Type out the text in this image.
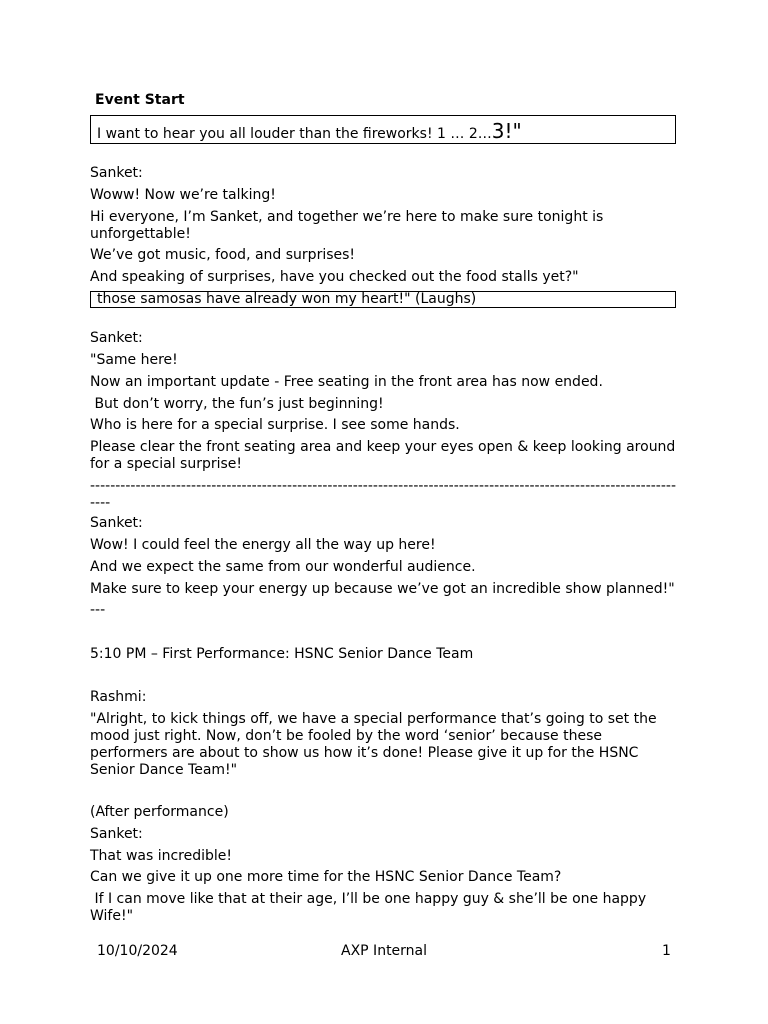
Event Start
I want to hear you all louder than the fireworks! 1 … 2…3!"

Sanket:

Woww! Now we’re talking!

Hi everyone, I’m Sanket, and together we’re here to make sure tonight is unforgettable!

We’ve got music, food, and surprises!

And speaking of surprises, have you checked out the food stalls yet?"

those samosas have already won my heart!" (Laughs)

Sanket:

"Same here!

Now an important update - Free seating in the front area has now ended.

But don’t worry, the fun’s just beginning!

Who is here for a special surprise. I see some hands.

Please clear the front seating area and keep your eyes open & keep looking around for a special surprise!

------------------------------------------------------------------------------------------------------------------------

Sanket:

Wow! I could feel the energy all the way up here!

And we expect the same from our wonderful audience.

Make sure to keep your energy up because we’ve got an incredible show planned!"

---

5:10 PM – First Performance: HSNC Senior Dance Team

Rashmi:

"Alright, to kick things off, we have a special performance that’s going to set the mood just right. Now, don’t be fooled by the word ‘senior’ because these performers are about to show us how it’s done! Please give it up for the HSNC Senior Dance Team!"

(After performance)

Sanket:

That was incredible!

Can we give it up one more time for the HSNC Senior Dance Team?

If I can move like that at their age, I’ll be one happy guy & she’ll be one happy Wife!"

10/10/2024	AXP Internal	1
